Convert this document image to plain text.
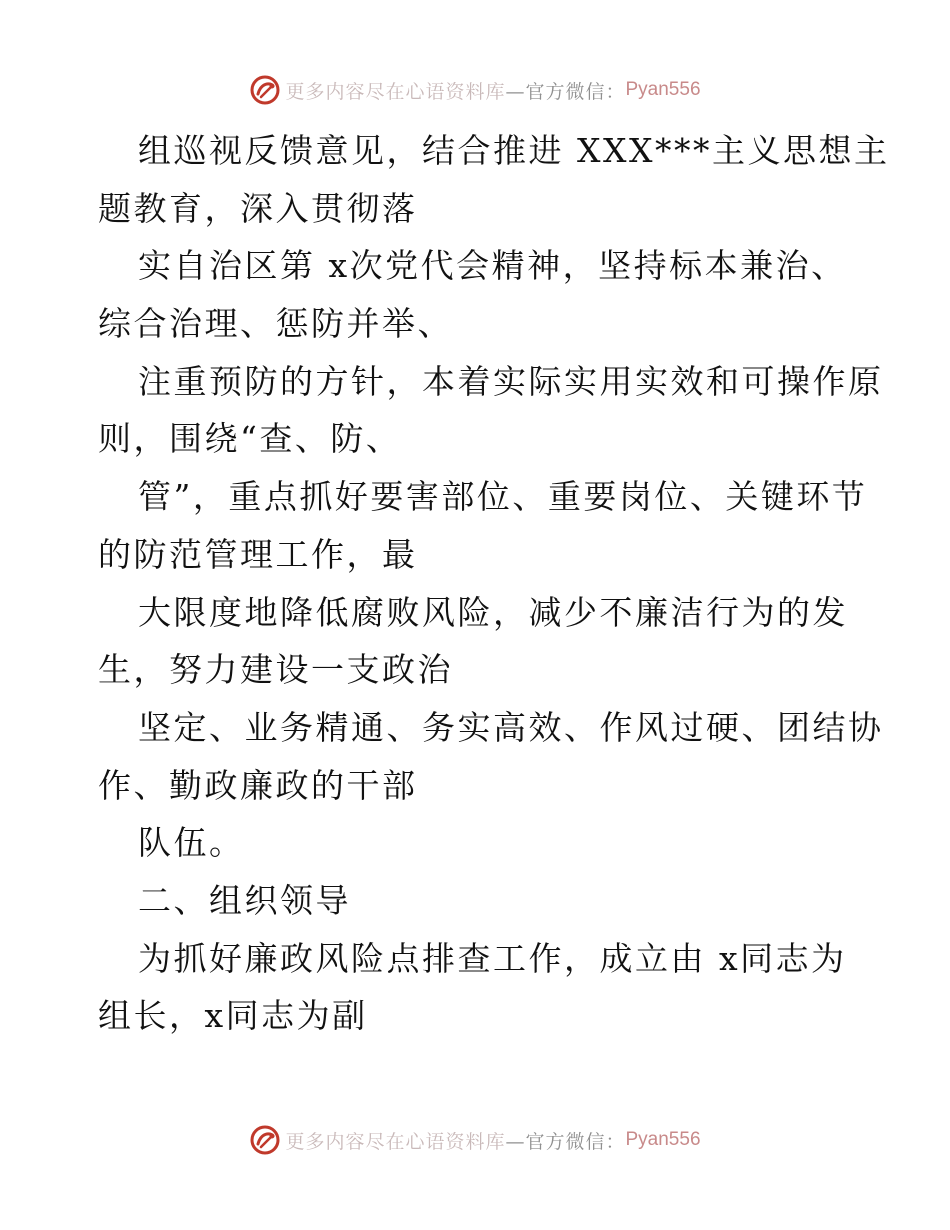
更多内容尽在心语资料库 —官方微信： Pyan556
组巡视反馈意见，结合推进 XXX***主义思想主
题教育，深入贯彻落
实自治区第 x次党代会精神，坚持标本兼治、
综合治理、惩防并举、
注重预防的方针，本着实际实用实效和可操作原
则，围绕“查、防、
管”，重点抓好要害部位、重要岗位、关键环节
的防范管理工作，最
大限度地降低腐败风险，减少不廉洁行为的发
生，努力建设一支政治
坚定、业务精通、务实高效、作风过硬、团结协
作、勤政廉政的干部
队伍。
二、组织领导
为抓好廉政风险点排查工作，成立由 x同志为
组长，x同志为副
更多内容尽在心语资料库 —官方微信： Pyan556
